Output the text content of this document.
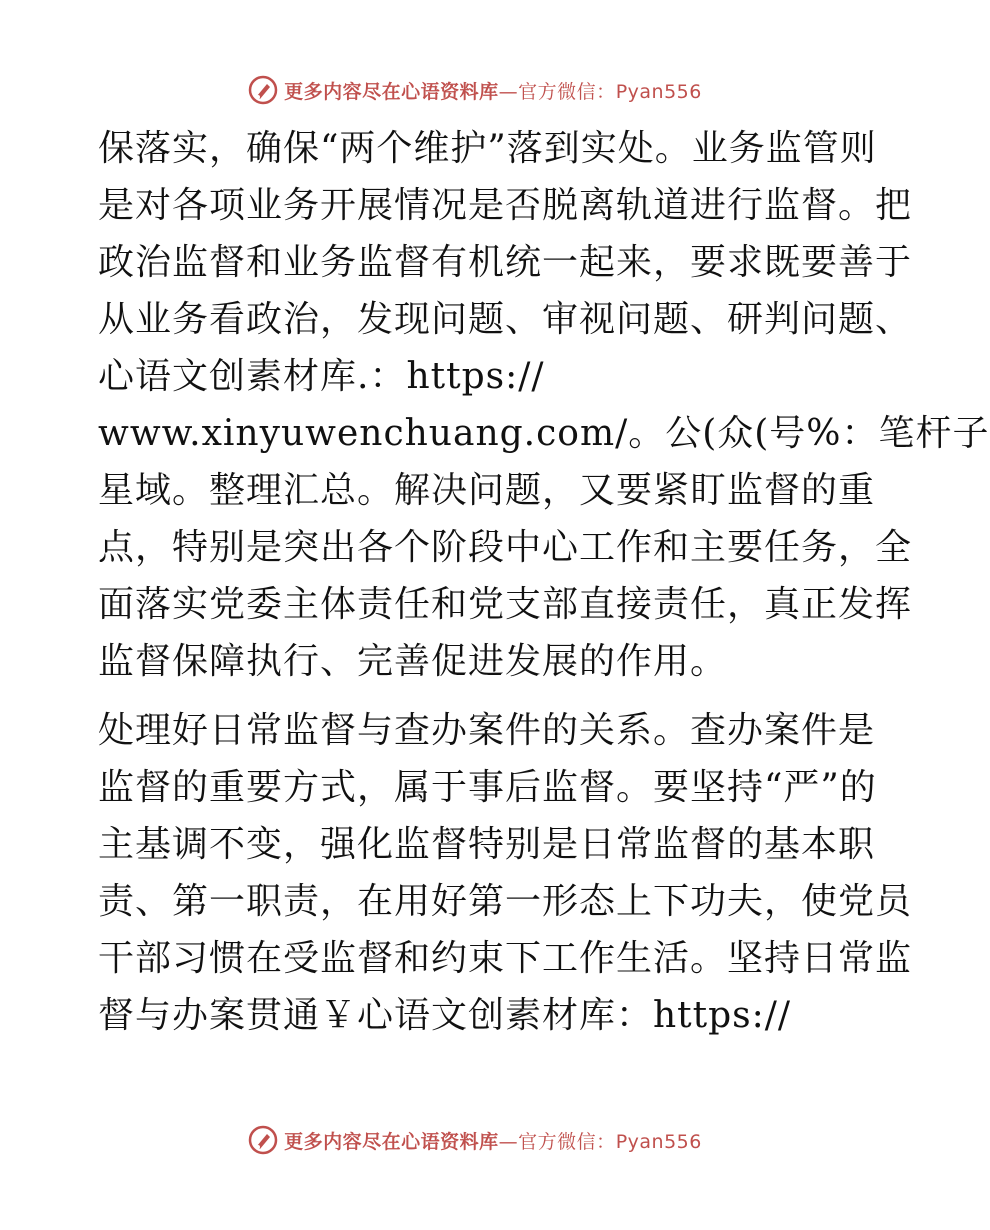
更多内容尽在心语资料库—官方微信：Pyan556
保落实，确保“两个维护”落到实处。业务监管则
是对各项业务开展情况是否脱离轨道进行监督。把
政治监督和业务监督有机统一起来，要求既要善于
从业务看政治，发现问题、审视问题、研判问题、
心语文创素材库.：https://
www.xinyuwenchuang.com/。公(众(号%：笔杆子
星域。整理汇总。解决问题，又要紧盯监督的重
点，特别是突出各个阶段中心工作和主要任务，全
面落实党委主体责任和党支部直接责任，真正发挥
监督保障执行、完善促进发展的作用。
处理好日常监督与查办案件的关系。查办案件是
监督的重要方式，属于事后监督。要坚持“严”的
主基调不变，强化监督特别是日常监督的基本职
责、第一职责，在用好第一形态上下功夫，使党员
干部习惯在受监督和约束下工作生活。坚持日常监
督与办案贯通￥心语文创素材库：https://
更多内容尽在心语资料库—官方微信：Pyan556
